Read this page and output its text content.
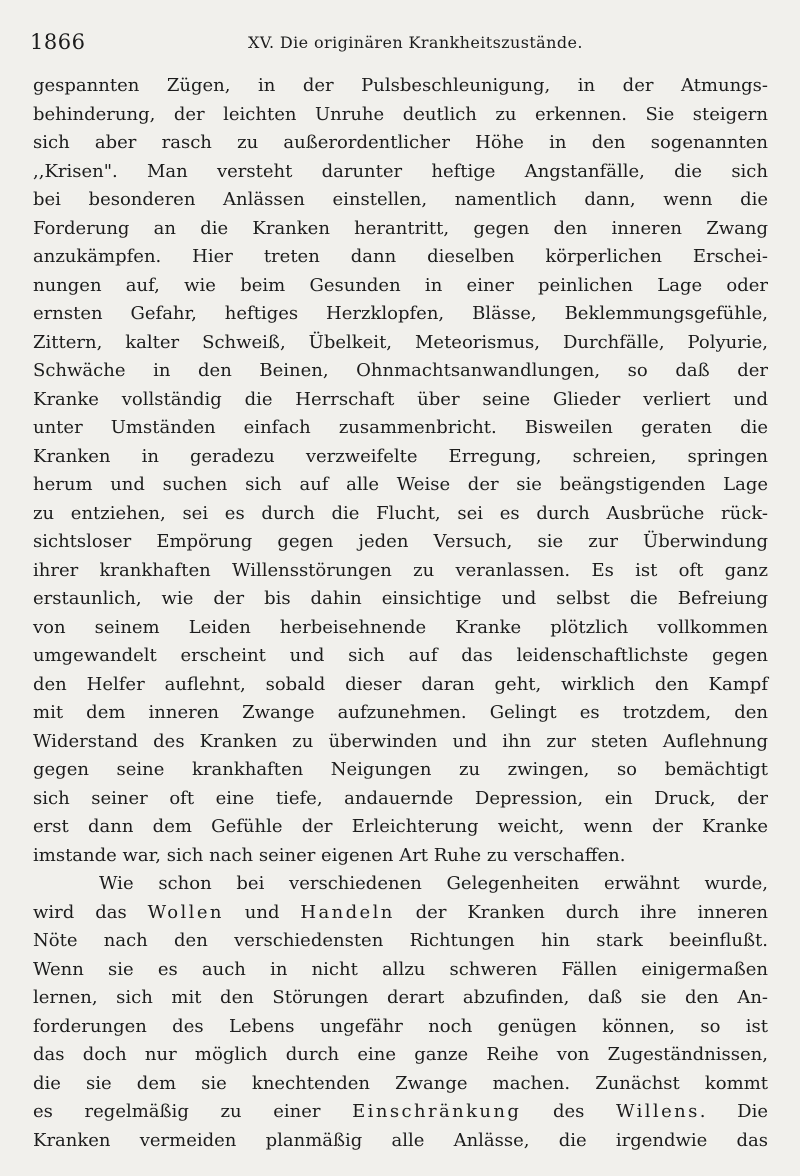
1866	XV. Die originären Krankheitszustände.
gespannten Zügen, in der Pulsbeschleunigung, in der Atmungs-
behinderung, der leichten Unruhe deutlich zu erkennen. Sie steigern
sich aber rasch zu außerordentlicher Höhe in den sogenannten
,,Krisen". Man versteht darunter heftige Angstanfälle, die sich
bei besonderen Anlässen einstellen, namentlich dann, wenn die
Forderung an die Kranken herantritt, gegen den inneren Zwang
anzukämpfen. Hier treten dann dieselben körperlichen Erschei-
nungen auf, wie beim Gesunden in einer peinlichen Lage oder
ernsten Gefahr, heftiges Herzklopfen, Blässe, Beklemmungsgefühle,
Zittern, kalter Schweiß, Übelkeit, Meteorismus, Durchfälle, Polyurie,
Schwäche in den Beinen, Ohnmachtsanwandlungen, so daß der
Kranke vollständig die Herrschaft über seine Glieder verliert und
unter Umständen einfach zusammenbricht. Bisweilen geraten die
Kranken in geradezu verzweifelte Erregung, schreien, springen
herum und suchen sich auf alle Weise der sie beängstigenden Lage
zu entziehen, sei es durch die Flucht, sei es durch Ausbrüche rück-
sichtsloser Empörung gegen jeden Versuch, sie zur Überwindung
ihrer krankhaften Willensstörungen zu veranlassen. Es ist oft ganz
erstaunlich, wie der bis dahin einsichtige und selbst die Befreiung
von seinem Leiden herbeisehnende Kranke plötzlich vollkommen
umgewandelt erscheint und sich auf das leidenschaftlichste gegen
den Helfer auflehnt, sobald dieser daran geht, wirklich den Kampf
mit dem inneren Zwange aufzunehmen. Gelingt es trotzdem, den
Widerstand des Kranken zu überwinden und ihn zur steten Auflehnung
gegen seine krankhaften Neigungen zu zwingen, so bemächtigt
sich seiner oft eine tiefe, andauernde Depression, ein Druck, der
erst dann dem Gefühle der Erleichterung weicht, wenn der Kranke
imstande war, sich nach seiner eigenen Art Ruhe zu verschaffen.
Wie schon bei verschiedenen Gelegenheiten erwähnt wurde,
wird das Wollen und Handeln der Kranken durch ihre inneren
Nöte nach den verschiedensten Richtungen hin stark beeinflußt.
Wenn sie es auch in nicht allzu schweren Fällen einigermaßen
lernen, sich mit den Störungen derart abzufinden, daß sie den An-
forderungen des Lebens ungefähr noch genügen können, so ist
das doch nur möglich durch eine ganze Reihe von Zugeständnissen,
die sie dem sie knechtenden Zwange machen. Zunächst kommt
es regelmäßig zu einer Einschränkung des Willens. Die
Kranken vermeiden planmäßig alle Anlässe, die irgendwie das
